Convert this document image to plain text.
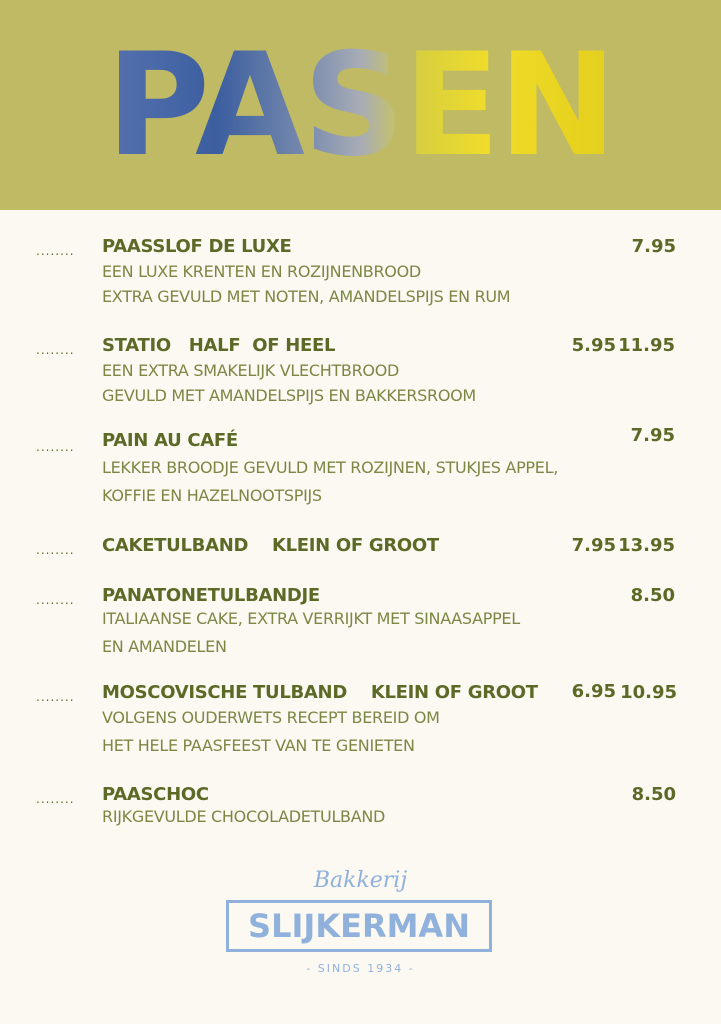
PASEN
........ PAASSLOF DE LUXE	7.95
EEN LUXE KRENTEN EN ROZIJNENBROOD
EXTRA GEVULD MET NOTEN, AMANDELSPIJS EN RUM
........ STATIO   HALF  OF HEEL	5.95 11.95
EEN EXTRA SMAKELIJK VLECHTBROOD
GEVULD MET AMANDELSPIJS EN BAKKERSROOM
........ PAIN AU CAFÉ	7.95
LEKKER BROODJE GEVULD MET ROZIJNEN, STUKJES APPEL,
KOFFIE EN HAZELNOOTSPIJS
........ CAKETULBAND    KLEIN OF GROOT	7.95 13.95
........ PANATONETULBANDJE	8.50
ITALIAANSE CAKE, EXTRA VERRIJKT MET SINAASAPPEL
EN AMANDELEN
........ MOSCOVISCHE TULBAND    KLEIN OF GROOT 6.95 10.95
VOLGENS OUDERWETS RECEPT BEREID OM
HET HELE PAASFEEST VAN TE GENIETEN
........ PAASCHOC	8.50
RIJKGEVULDE CHOCOLADETULBAND
Bakkerij
SLIJKERMAN
- SINDS 1934 -
